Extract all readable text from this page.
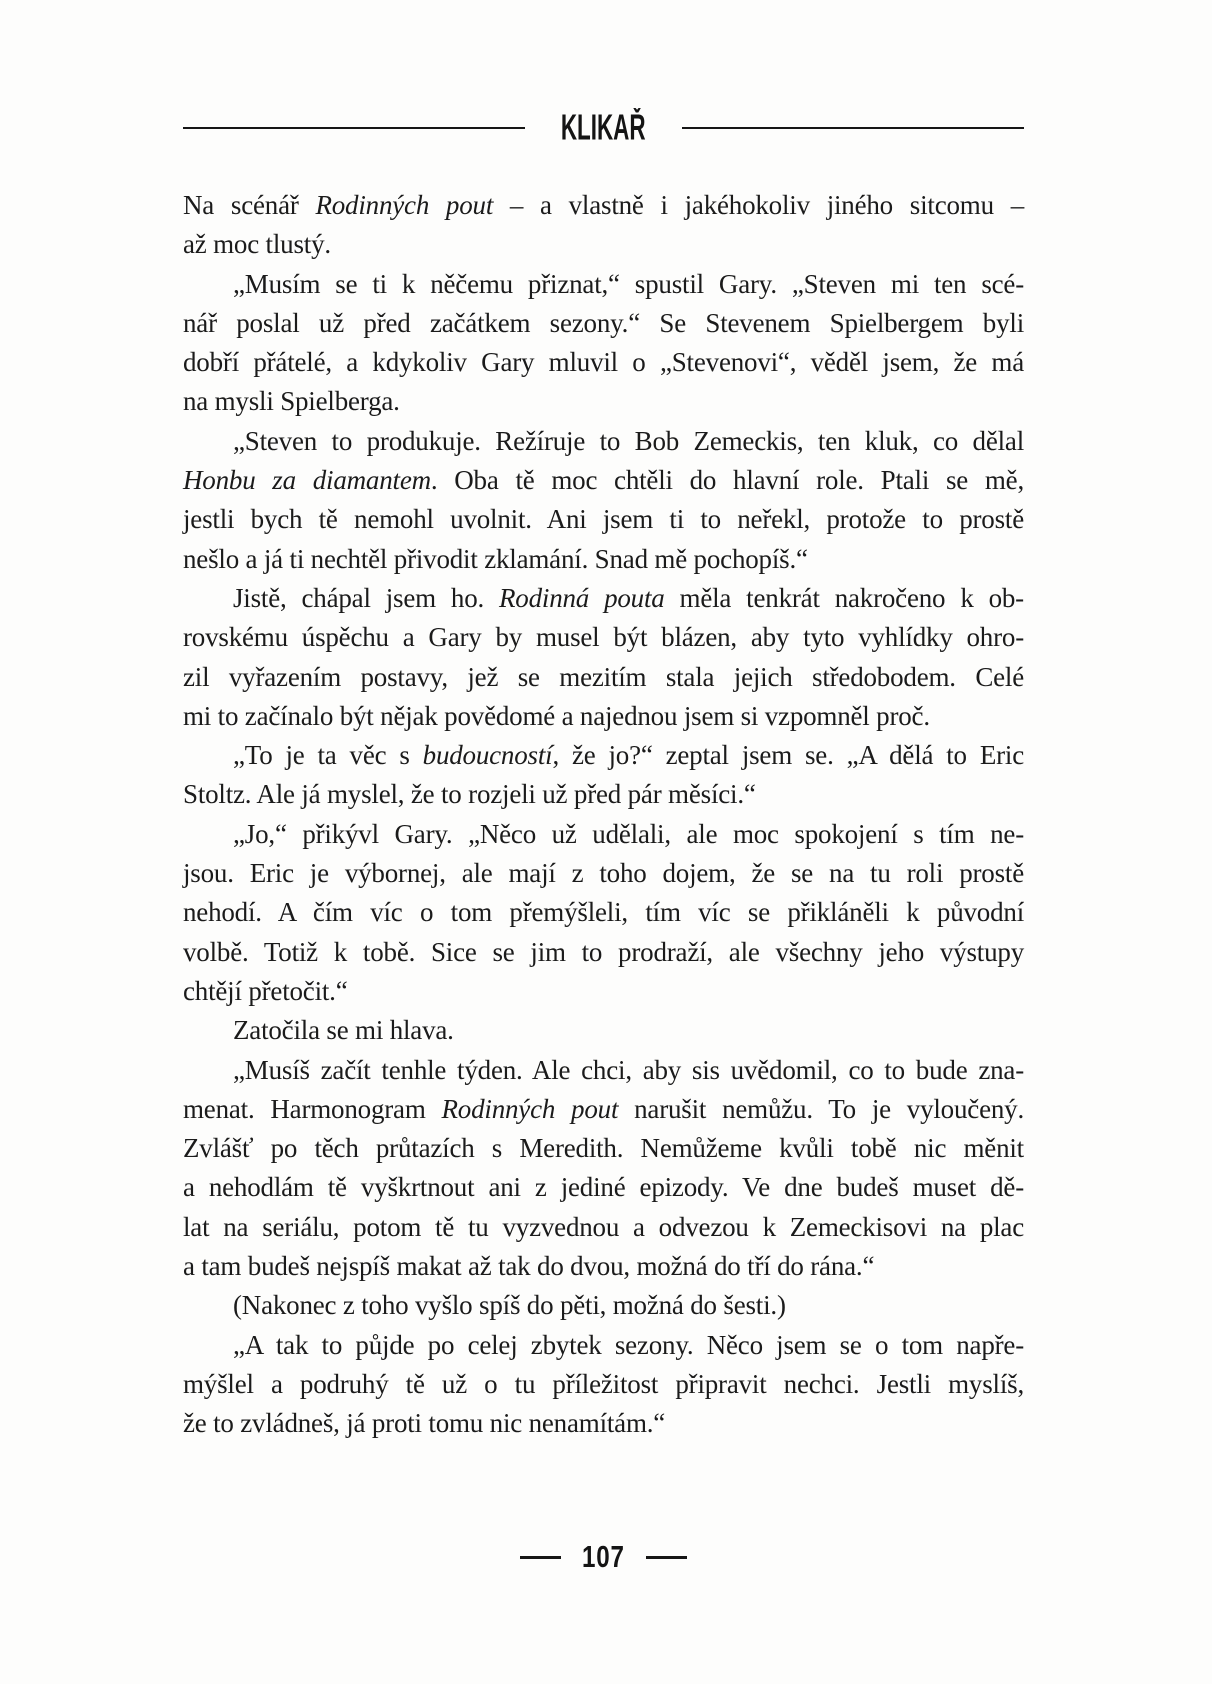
KLIKAŘ
Na scénář Rodinných pout – a vlastně i jakéhokoliv jiného sitcomu –
až moc tlustý.
„Musím se ti k něčemu přiznat,“ spustil Gary. „Steven mi ten scé-
nář poslal už před začátkem sezony.“ Se Stevenem Spielbergem byli
dobří přátelé, a kdykoliv Gary mluvil o „Stevenovi“, věděl jsem, že má
na mysli Spielberga.
„Steven to produkuje. Režíruje to Bob Zemeckis, ten kluk, co dělal
Honbu za diamantem. Oba tě moc chtěli do hlavní role. Ptali se mě,
jestli bych tě nemohl uvolnit. Ani jsem ti to neřekl, protože to prostě
nešlo a já ti nechtěl přivodit zklamání. Snad mě pochopíš.“
Jistě, chápal jsem ho. Rodinná pouta měla tenkrát nakročeno k ob-
rovskému úspěchu a Gary by musel být blázen, aby tyto vyhlídky ohro-
zil vyřazením postavy, jež se mezitím stala jejich středobodem. Celé
mi to začínalo být nějak povědomé a najednou jsem si vzpomněl proč.
„To je ta věc s budoucností, že jo?“ zeptal jsem se. „A dělá to Eric
Stoltz. Ale já myslel, že to rozjeli už před pár měsíci.“
„Jo,“ přikývl Gary. „Něco už udělali, ale moc spokojení s tím ne-
jsou. Eric je výbornej, ale mají z toho dojem, že se na tu roli prostě
nehodí. A čím víc o tom přemýšleli, tím víc se přikláněli k původní
volbě. Totiž k tobě. Sice se jim to prodraží, ale všechny jeho výstupy
chtějí přetočit.“
Zatočila se mi hlava.
„Musíš začít tenhle týden. Ale chci, aby sis uvědomil, co to bude zna-
menat. Harmonogram Rodinných pout narušit nemůžu. To je vyloučený.
Zvlášť po těch průtazích s Meredith. Nemůžeme kvůli tobě nic měnit
a nehodlám tě vyškrtnout ani z jediné epizody. Ve dne budeš muset dě-
lat na seriálu, potom tě tu vyzvednou a odvezou k Zemeckisovi na plac
a tam budeš nejspíš makat až tak do dvou, možná do tří do rána.“
(Nakonec z toho vyšlo spíš do pěti, možná do šesti.)
„A tak to půjde po celej zbytek sezony. Něco jsem se o tom napře-
mýšlel a podruhý tě už o tu příležitost připravit nechci. Jestli myslíš,
že to zvládneš, já proti tomu nic nenamítám.“
107
